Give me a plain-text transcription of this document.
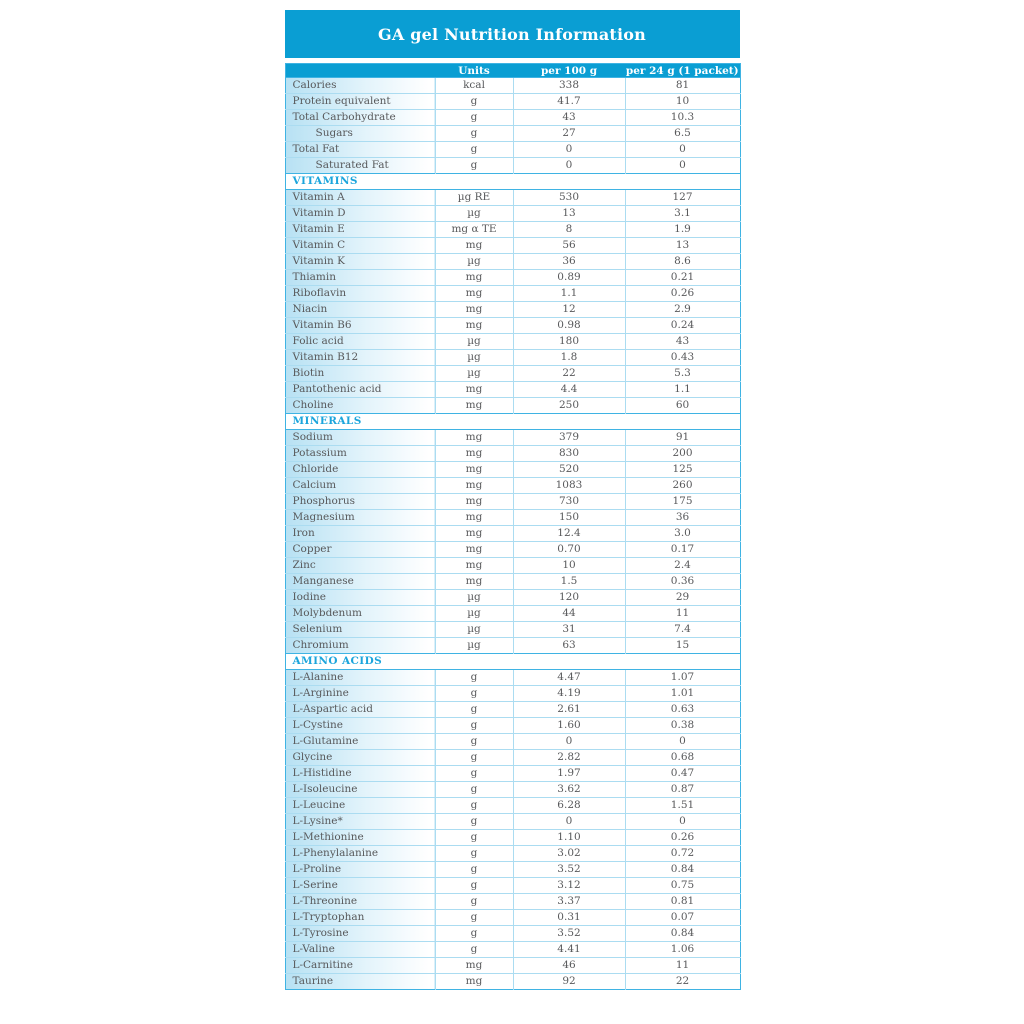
GA gel Nutrition Information
	Units	per 100 g	per 24 g (1 packet)
Calories	kcal	338	81
Protein equivalent	g	41.7	10
Total Carbohydrate	g	43	10.3
Sugars	g	27	6.5
Total Fat	g	0	0
Saturated Fat	g	0	0
VITAMINS			
Vitamin A	µg RE	530	127
Vitamin D	µg	13	3.1
Vitamin E	mg α TE	8	1.9
Vitamin C	mg	56	13
Vitamin K	µg	36	8.6
Thiamin	mg	0.89	0.21
Riboflavin	mg	1.1	0.26
Niacin	mg	12	2.9
Vitamin B6	mg	0.98	0.24
Folic acid	µg	180	43
Vitamin B12	µg	1.8	0.43
Biotin	µg	22	5.3
Pantothenic acid	mg	4.4	1.1
Choline	mg	250	60
MINERALS			
Sodium	mg	379	91
Potassium	mg	830	200
Chloride	mg	520	125
Calcium	mg	1083	260
Phosphorus	mg	730	175
Magnesium	mg	150	36
Iron	mg	12.4	3.0
Copper	mg	0.70	0.17
Zinc	mg	10	2.4
Manganese	mg	1.5	0.36
Iodine	µg	120	29
Molybdenum	µg	44	11
Selenium	µg	31	7.4
Chromium	µg	63	15
AMINO ACIDS			
L-Alanine	g	4.47	1.07
L-Arginine	g	4.19	1.01
L-Aspartic acid	g	2.61	0.63
L-Cystine	g	1.60	0.38
L-Glutamine	g	0	0
Glycine	g	2.82	0.68
L-Histidine	g	1.97	0.47
L-Isoleucine	g	3.62	0.87
L-Leucine	g	6.28	1.51
L-Lysine*	g	0	0
L-Methionine	g	1.10	0.26
L-Phenylalanine	g	3.02	0.72
L-Proline	g	3.52	0.84
L-Serine	g	3.12	0.75
L-Threonine	g	3.37	0.81
L-Tryptophan	g	0.31	0.07
L-Tyrosine	g	3.52	0.84
L-Valine	g	4.41	1.06
L-Carnitine	mg	46	11
Taurine	mg	92	22
